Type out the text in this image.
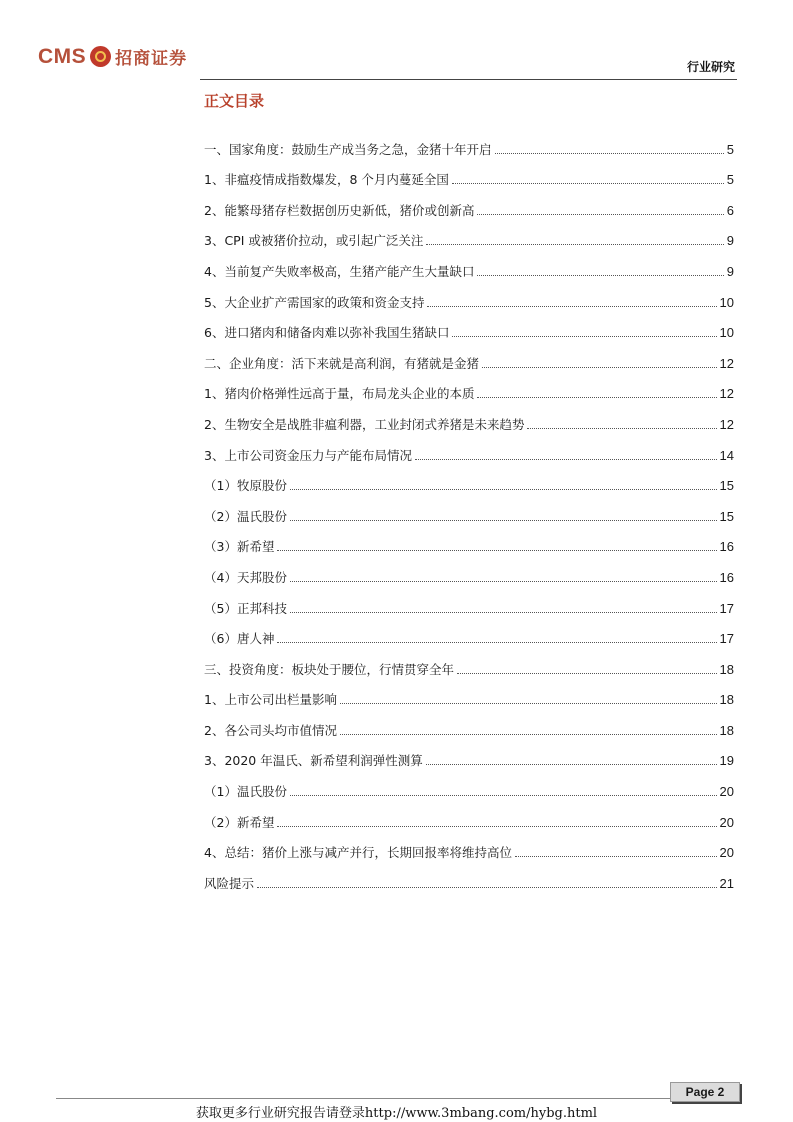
CMS 招商证券	行业研究
正文目录
一、国家角度：鼓励生产成当务之急，金猪十年开启	5
1、非瘟疫情成指数爆发，8 个月内蔓延全国	5
2、能繁母猪存栏数据创历史新低，猪价或创新高	6
3、CPI 或被猪价拉动，或引起广泛关注	9
4、当前复产失败率极高，生猪产能产生大量缺口	9
5、大企业扩产需国家的政策和资金支持	10
6、进口猪肉和储备肉难以弥补我国生猪缺口	10
二、企业角度：活下来就是高利润，有猪就是金猪	12
1、猪肉价格弹性远高于量，布局龙头企业的本质	12
2、生物安全是战胜非瘟利器，工业封闭式养猪是未来趋势	12
3、上市公司资金压力与产能布局情况	14
（1）牧原股份	15
（2）温氏股份	15
（3）新希望	16
（4）天邦股份	16
（5）正邦科技	17
（6）唐人神	17
三、投资角度：板块处于腰位，行情贯穿全年	18
1、上市公司出栏量影响	18
2、各公司头均市值情况	18
3、2020 年温氏、新希望利润弹性测算	19
（1）温氏股份	20
（2）新希望	20
4、总结：猪价上涨与减产并行，长期回报率将维持高位	20
风险提示	21
Page 2
获取更多行业研究报告请登录http://www.3mbang.com/hybg.html
